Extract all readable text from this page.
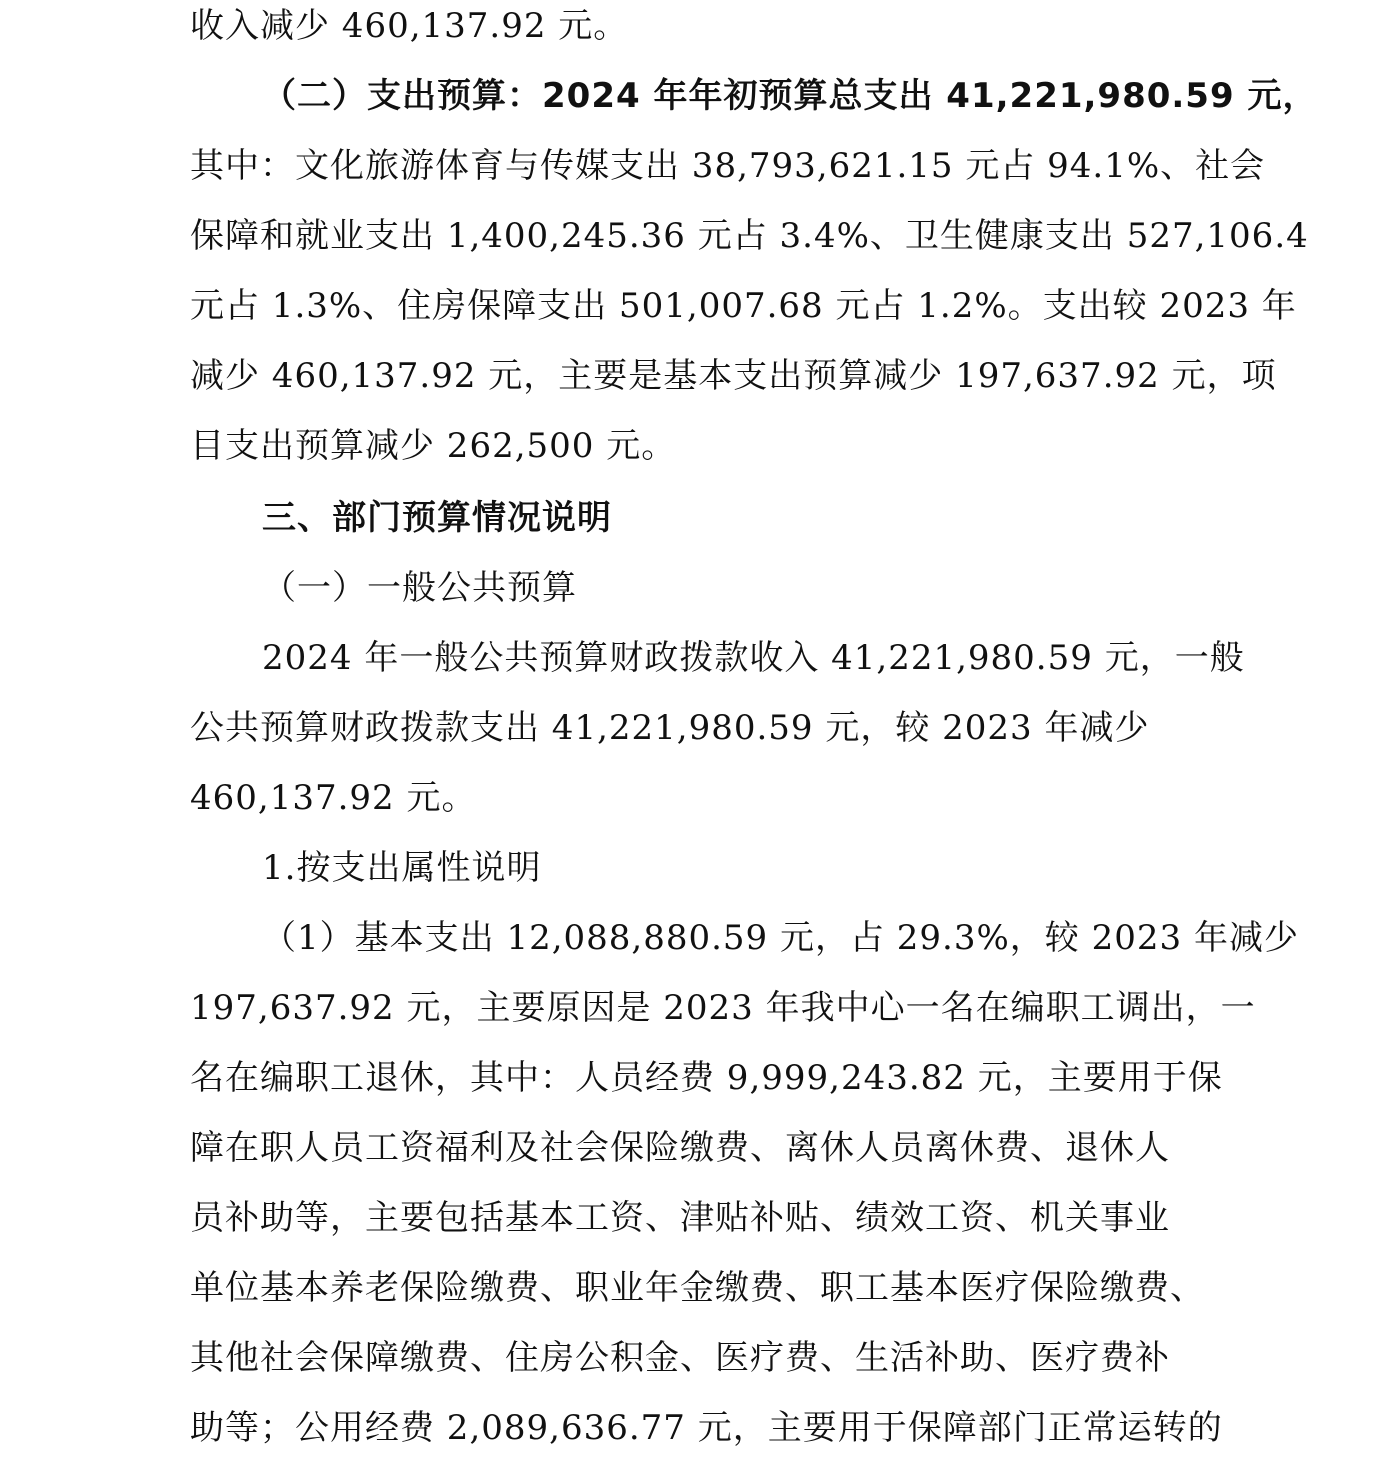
收入减少 460,137.92 元。
（二）支出预算：2024 年年初预算总支出 41,221,980.59 元，
其中：文化旅游体育与传媒支出 38,793,621.15 元占 94.1%、社会
保障和就业支出 1,400,245.36 元占 3.4%、卫生健康支出 527,106.4
元占 1.3%、住房保障支出 501,007.68 元占 1.2%。支出较 2023 年
减少 460,137.92 元，主要是基本支出预算减少 197,637.92 元，项
目支出预算减少 262,500 元。
三、部门预算情况说明
（一）一般公共预算
2024 年一般公共预算财政拨款收入 41,221,980.59 元，一般
公共预算财政拨款支出 41,221,980.59 元，较 2023 年减少
460,137.92 元。
1.按支出属性说明
（1）基本支出 12,088,880.59 元，占 29.3%，较 2023 年减少
197,637.92 元，主要原因是 2023 年我中心一名在编职工调出，一
名在编职工退休，其中：人员经费 9,999,243.82 元，主要用于保
障在职人员工资福利及社会保险缴费、离休人员离休费、退休人
员补助等，主要包括基本工资、津贴补贴、绩效工资、机关事业
单位基本养老保险缴费、职业年金缴费、职工基本医疗保险缴费、
其他社会保障缴费、住房公积金、医疗费、生活补助、医疗费补
助等；公用经费 2,089,636.77 元，主要用于保障部门正常运转的
